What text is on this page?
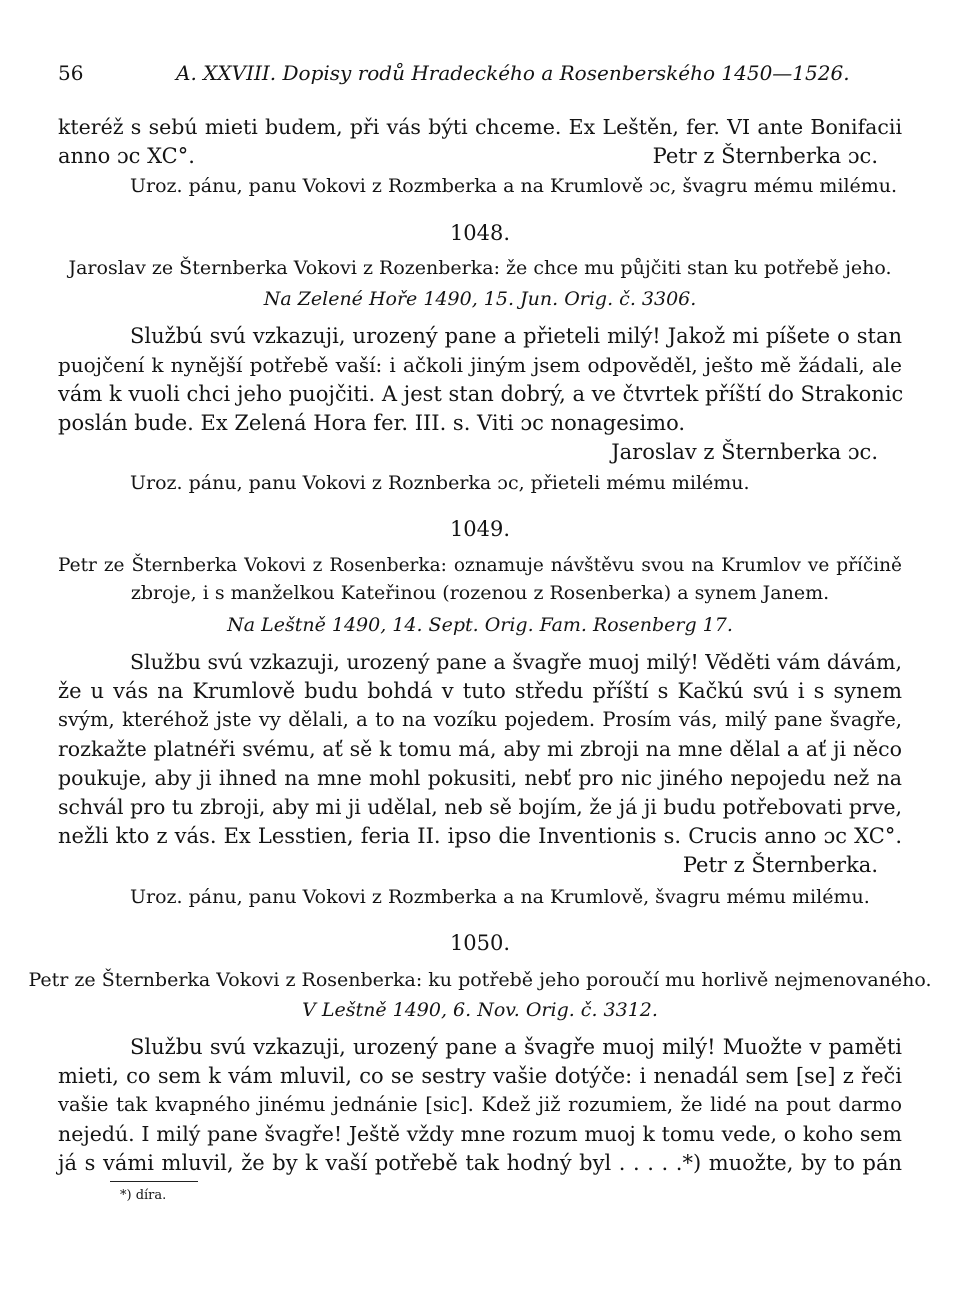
56	A. XXVIII. Dopisy rodů Hradeckého a Rosenberského 1450—1526.
kteréž s sebú mieti budem, při vás býti chceme. Ex Leštěn, fer. VI ante Bonifacii
anno ɔc XC°.	Petr z Šternberka ɔc.
Uroz. pánu, panu Vokovi z Rozmberka a na Krumlově ɔc, švagru mému milému.
1048.
Jaroslav ze Šternberka Vokovi z Rozenberka: že chce mu půjčiti stan ku potřebě jeho.
Na Zelené Hoře 1490, 15. Jun. Orig. č. 3306.
Službú svú vzkazuji, urozený pane a přieteli milý! Jakož mi píšete o stan
puojčení k nynější potřebě vaší: i ačkoli jiným jsem odpověděl, ješto mě žádali, ale
vám k vuoli chci jeho puojčiti. A jest stan dobrý, a ve čtvrtek příští do Strakonic
poslán bude. Ex Zelená Hora fer. III. s. Viti ɔc nonagesimo.
Jaroslav z Šternberka ɔc.
Uroz. pánu, panu Vokovi z Roznberka ɔc, přieteli mému milému.
1049.
Petr ze Šternberka Vokovi z Rosenberka: oznamuje návštěvu svou na Krumlov ve příčině
zbroje, i s manželkou Kateřinou (rozenou z Rosenberka) a synem Janem.
Na Leštně 1490, 14. Sept. Orig. Fam. Rosenberg 17.
Službu svú vzkazuji, urozený pane a švagře muoj milý! Věděti vám dávám,
že u vás na Krumlově budu bohdá v tuto středu příští s Kačkú svú i s synem
svým, kteréhož jste vy dělali, a to na vozíku pojedem. Prosím vás, milý pane švagře,
rozkažte platnéři svému, ať sě k tomu má, aby mi zbroji na mne dělal a ať ji něco
poukuje, aby ji ihned na mne mohl pokusiti, nebť pro nic jiného nepojedu než na
schvál pro tu zbroji, aby mi ji udělal, neb sě bojím, že já ji budu potřebovati prve,
nežli kto z vás. Ex Lesstien, feria II. ipso die Inventionis s. Crucis anno ɔc XC°.
Petr z Šternberka.
Uroz. pánu, panu Vokovi z Rozmberka a na Krumlově, švagru mému milému.
1050.
Petr ze Šternberka Vokovi z Rosenberka: ku potřebě jeho poroučí mu horlivě nejmenovaného.
V Leštně 1490, 6. Nov. Orig. č. 3312.
Službu svú vzkazuji, urozený pane a švagře muoj milý! Muožte v paměti
mieti, co sem k vám mluvil, co se sestry vašie dotýče: i nenadál sem [se] z řeči
vašie tak kvapného jinému jednánie [sic]. Kdež již rozumiem, že lidé na pout darmo
nejedú. I milý pane švagře! Ještě vždy mne rozum muoj k tomu vede, o koho sem
já s vámi mluvil, že by k vaší potřebě tak hodný byl . . . . .*) muožte, by to pán
*) díra.
